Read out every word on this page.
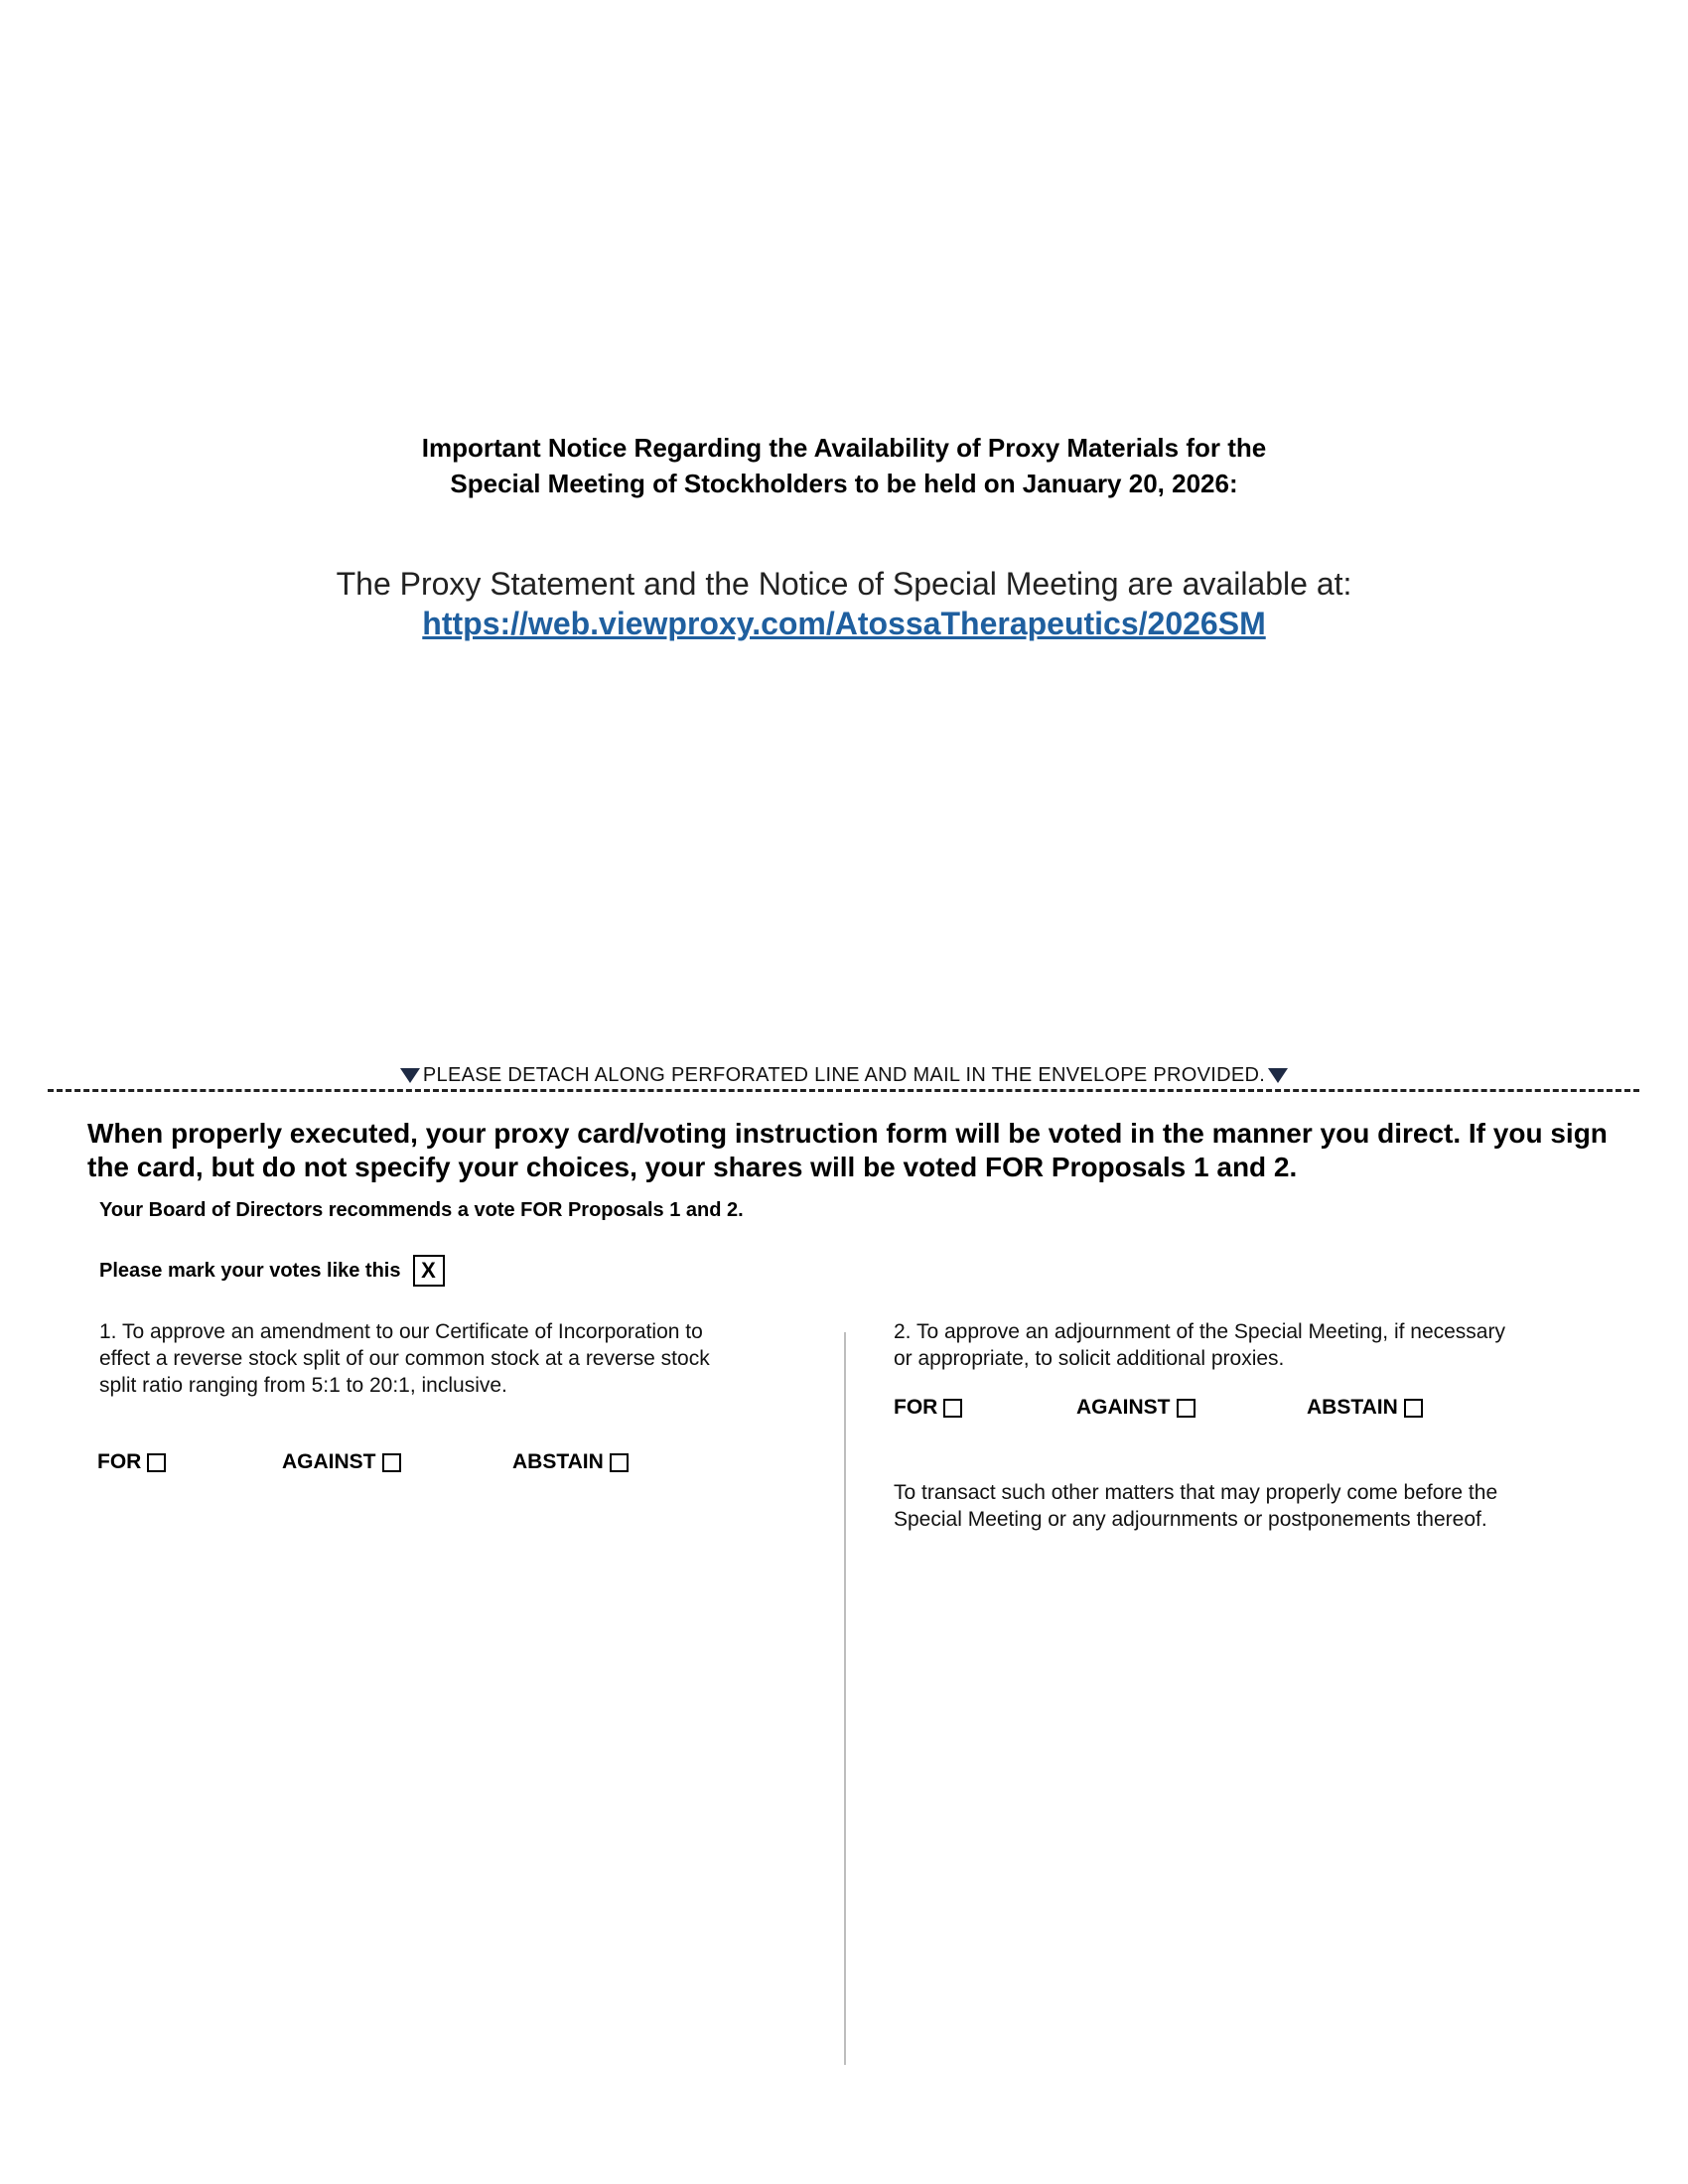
Important Notice Regarding the Availability of Proxy Materials for the
Special Meeting of Stockholders to be held on January 20, 2026:
The Proxy Statement and the Notice of Special Meeting are available at:
https://web.viewproxy.com/AtossaTherapeutics/2026SM
PLEASE DETACH ALONG PERFORATED LINE AND MAIL IN THE ENVELOPE PROVIDED.
When properly executed, your proxy card/voting instruction form will be voted in the manner you direct. If you sign the card, but do not specify your choices, your shares will be voted FOR Proposals 1 and 2.
Your Board of Directors recommends a vote FOR Proposals 1 and 2.
Please mark your votes like this X
1. To approve an amendment to our Certificate of Incorporation to effect a reverse stock split of our common stock at a reverse stock split ratio ranging from 5:1 to 20:1, inclusive.
FOR	AGAINST	ABSTAIN
2. To approve an adjournment of the Special Meeting, if necessary or appropriate, to solicit additional proxies.
FOR	AGAINST	ABSTAIN
To transact such other matters that may properly come before the Special Meeting or any adjournments or postponements thereof.
